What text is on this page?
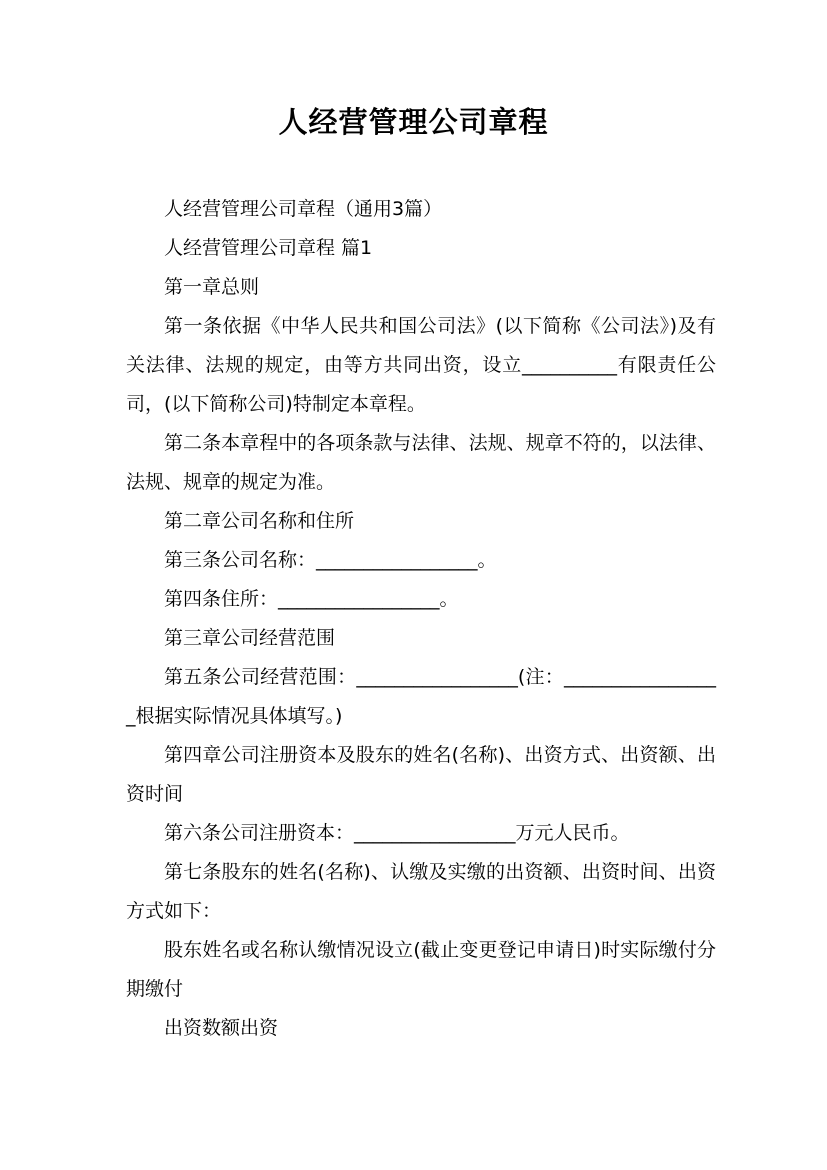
人经营管理公司章程

人经营管理公司章程（通用3篇）

人经营管理公司章程 篇1

第一章总则

第一条依据《中华人民共和国公司法》(以下简称《公司法》)及有关法律、法规的规定，由等方共同出资，设立__________有限责任公司，(以下简称公司)特制定本章程。

第二条本章程中的各项条款与法律、法规、规章不符的，以法律、法规、规章的规定为准。

第二章公司名称和住所

第三条公司名称：_________________。

第四条住所：_________________。

第三章公司经营范围

第五条公司经营范围：_________________(注：_________________根据实际情况具体填写。)

第四章公司注册资本及股东的姓名(名称)、出资方式、出资额、出资时间

第六条公司注册资本：_________________万元人民币。

第七条股东的姓名(名称)、认缴及实缴的出资额、出资时间、出资方式如下：

股东姓名或名称认缴情况设立(截止变更登记申请日)时实际缴付分期缴付

出资数额出资
